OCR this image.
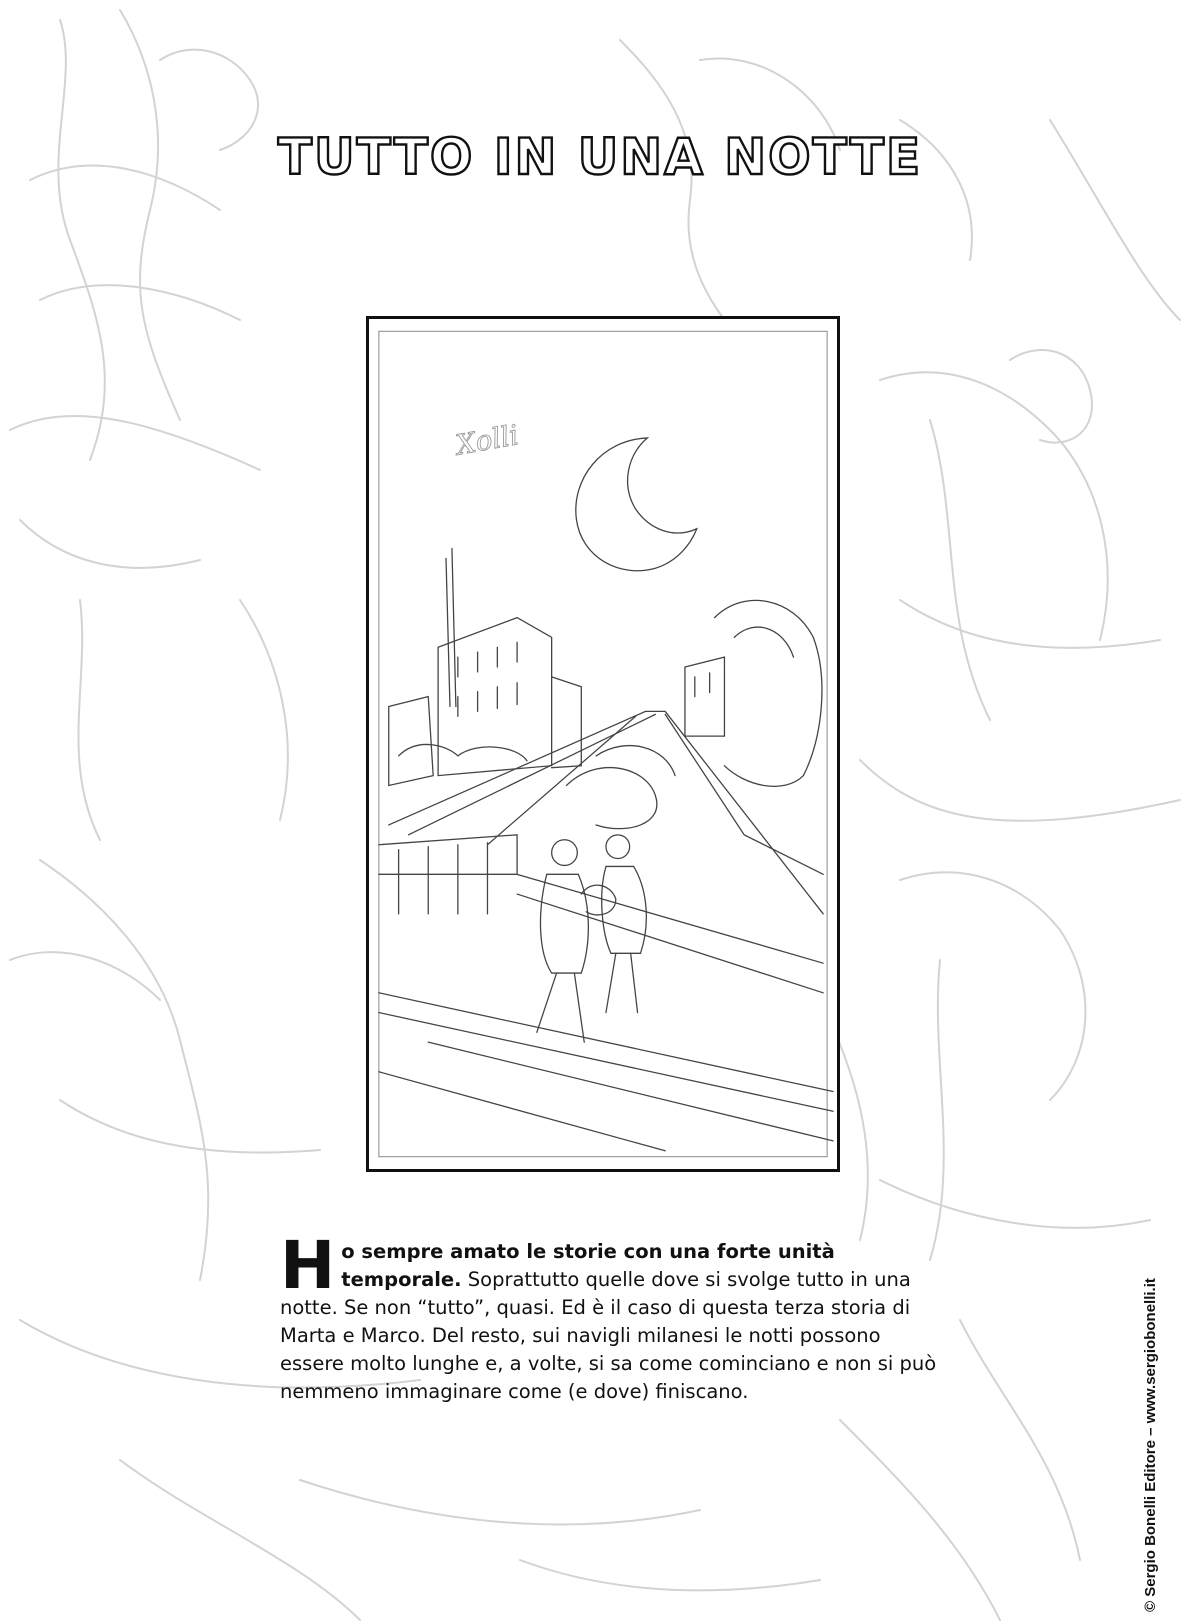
TUTTO IN UNA NOTTE
Xolli
Ho sempre amato le storie con una forte unità temporale. Soprattutto quelle dove si svolge tutto in una notte. Se non “tutto”, quasi. Ed è il caso di questa terza storia di Marta e Marco. Del resto, sui navigli milanesi le notti possono essere molto lunghe e, a volte, si sa come cominciano e non si può nemmeno immaginare come (e dove) finiscano.	© Sergio Bonelli Editore – www.sergiobonelli.it
